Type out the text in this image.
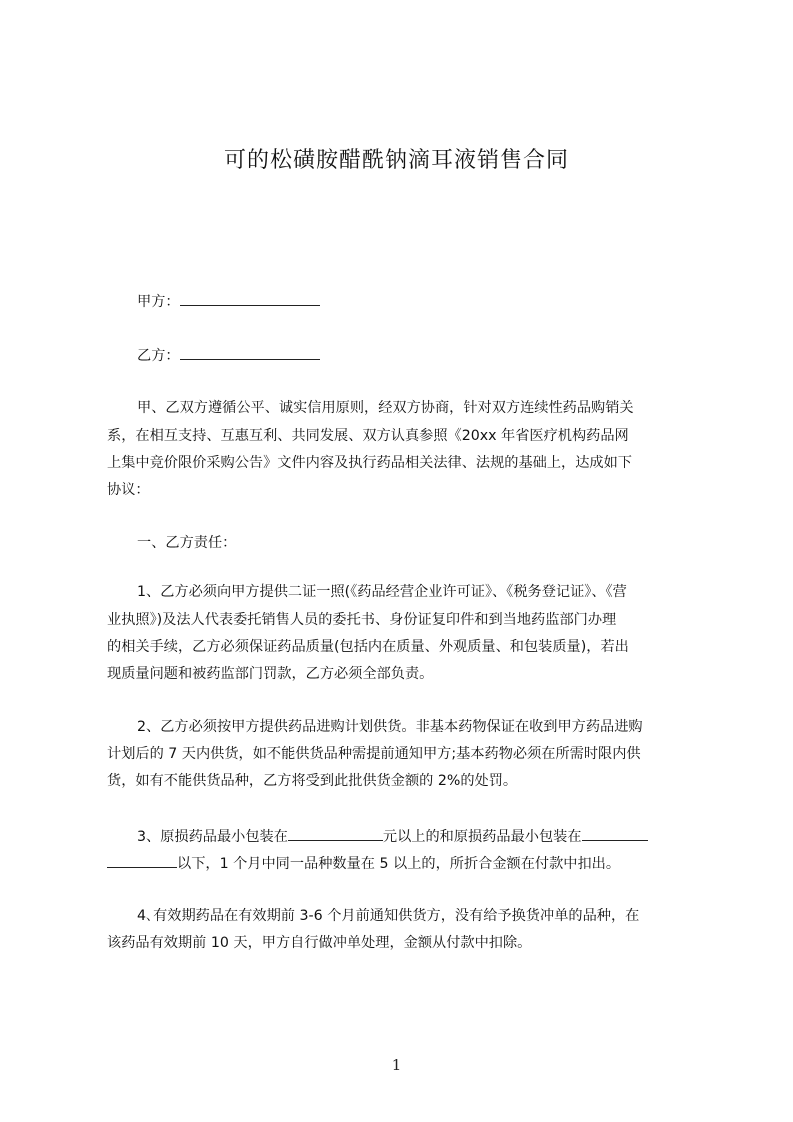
可的松磺胺醋酰钠滴耳液销售合同
甲方：
乙方：
甲、乙双方遵循公平、诚实信用原则，经双方协商，针对双方连续性药品购销关
系，在相互支持、互惠互利、共同发展、双方认真参照《20xx 年省医疗机构药品网
上集中竞价限价采购公告》文件内容及执行药品相关法律、法规的基础上，达成如下
协议：
一、乙方责任：
1、乙方必须向甲方提供二证一照(《药品经营企业许可证》、《税务登记证》、《营
业执照》)及法人代表委托销售人员的委托书、身份证复印件和到当地药监部门办理
的相关手续，乙方必须保证药品质量(包括内在质量、外观质量、和包装质量)，若出
现质量问题和被药监部门罚款，乙方必须全部负责。
2、乙方必须按甲方提供药品进购计划供货。非基本药物保证在收到甲方药品进购
计划后的 7 天内供货，如不能供货品种需提前通知甲方;基本药物必须在所需时限内供
货，如有不能供货品种，乙方将受到此批供货金额的 2%的处罚。
3、原损药品最小包装在	元以上的和原损药品最小包装在
以下，1 个月中同一品种数量在 5 以上的，所折合金额在付款中扣出。
4､有效期药品在有效期前 3-6 个月前通知供货方，没有给予换货冲单的品种，在
该药品有效期前 10 天，甲方自行做冲单处理，金额从付款中扣除。
1
